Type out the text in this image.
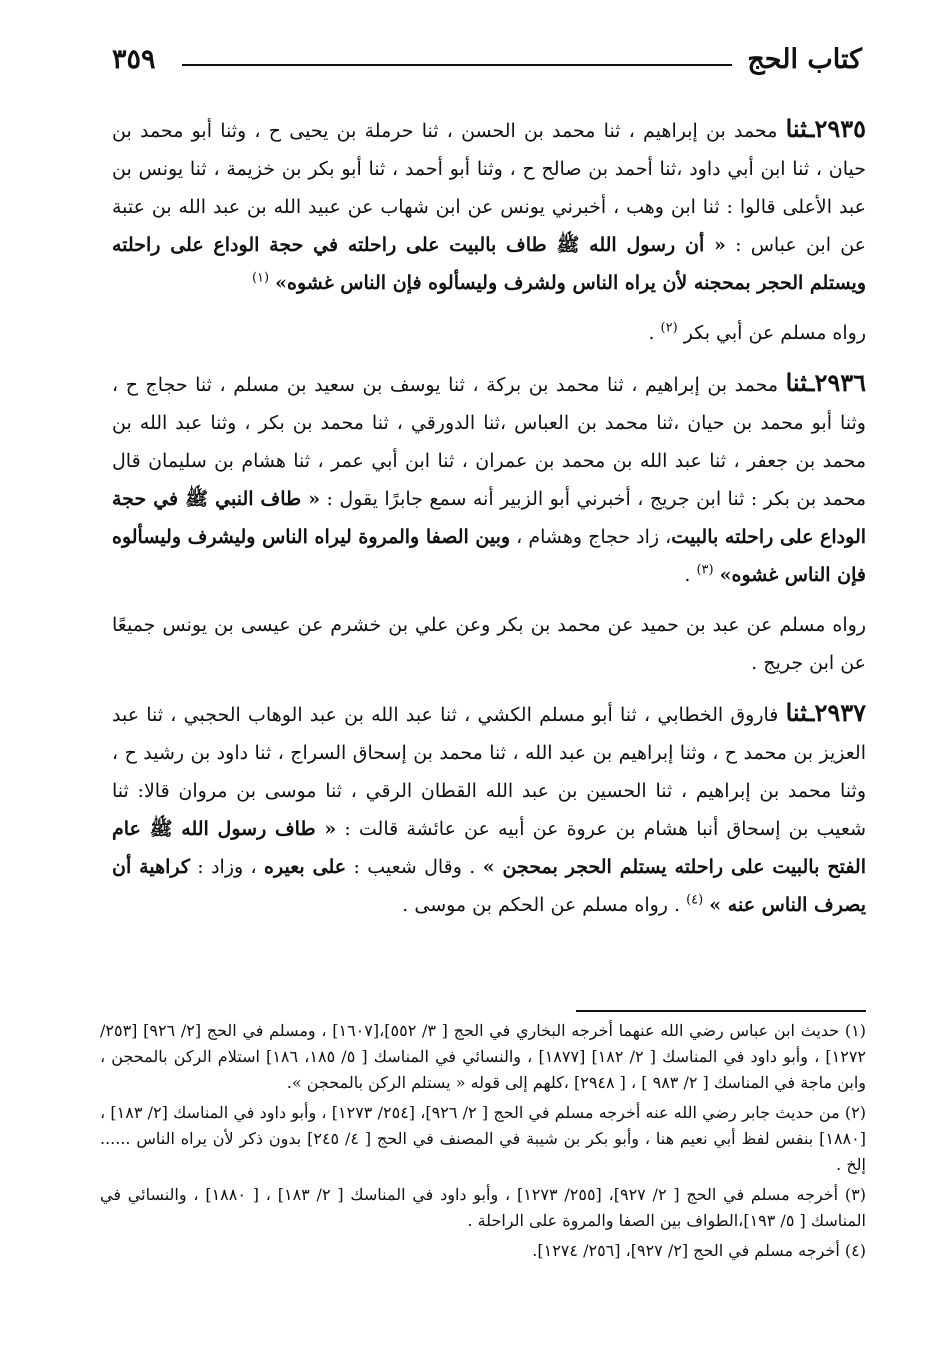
كتاب الحج
٣٥٩

٢٩٣٥ـثنا محمد بن إبراهيم ، ثنا محمد بن الحسن ، ثنا حرملة بن يحيى ح ، وثنا أبو محمد بن حيان ، ثنا ابن أبي داود ،ثنا أحمد بن صالح ح ، وثنا أبو أحمد ، ثنا أبو بكر بن خزيمة ، ثنا يونس بن عبد الأعلى قالوا : ثنا ابن وهب ، أخبرني يونس عن ابن شهاب عن عبيد الله بن عبد الله بن عتبة عن ابن عباس : « أن رسول الله ﷺ طاف بالبيت على راحلته في حجة الوداع على راحلته ويستلم الحجر بمحجنه لأن يراه الناس ولشرف وليسألوه فإن الناس غشوه» $^{(١)}$

رواه مسلم عن أبي بكر $^{(٢)}$ .

٢٩٣٦ـثنا محمد بن إبراهيم ، ثنا محمد بن بركة ، ثنا يوسف بن سعيد بن مسلم ، ثنا حجاج ح ، وثنا أبو محمد بن حيان ،ثنا محمد بن العباس ،ثنا الدورقي ، ثنا محمد بن بكر ، وثنا عبد الله بن محمد بن جعفر ، ثنا عبد الله بن محمد بن عمران ، ثنا ابن أبي عمر ، ثنا هشام بن سليمان قال محمد بن بكر : ثنا ابن جريج ، أخبرني أبو الزبير أنه سمع جابرًا يقول : « طاف النبي ﷺ في حجة الوداع على راحلته بالبيت، زاد حجاج وهشام ، وبين الصفا والمروة ليراه الناس وليشرف وليسألوه فإن الناس غشوه» $^{(٣)}$ .

رواه مسلم عن عبد بن حميد عن محمد بن بكر وعن علي بن خشرم عن عيسى بن يونس جميعًا عن ابن جريج .

٢٩٣٧ـثنا فاروق الخطابي ، ثنا أبو مسلم الكشي ، ثنا عبد الله بن عبد الوهاب الحجبي ، ثنا عبد العزيز بن محمد ح ، وثنا إبراهيم بن عبد الله ، ثنا محمد بن إسحاق السراج ، ثنا داود بن رشيد ح ، وثنا محمد بن إبراهيم ، ثنا الحسين بن عبد الله القطان الرقي ، ثنا موسى بن مروان قالا: ثنا شعيب بن إسحاق أنبا هشام بن عروة عن أبيه عن عائشة قالت : « طاف رسول الله ﷺ عام الفتح بالبيت على راحلته يستلم الحجر بمحجن » . وقال شعيب : على بعيره ، وزاد : كراهية أن يصرف الناس عنه » $^{(٤)}$ . رواه مسلم عن الحكم بن موسى .

(١) حديث ابن عباس رضي الله عنهما أخرجه البخاري في الحج [ ٣/ ٥٥٢]،[١٦٠٧] ، ومسلم في الحج [٢/ ٩٢٦] [٢٥٣/ ١٢٧٢] ، وأبو داود في المناسك [ ٢/ ١٨٢] [١٨٧٧] ، والنسائي في المناسك [ ٥/ ١٨٥، ١٨٦] استلام الركن بالمحجن ، وابن ماجة في المناسك [ ٢/ ٩٨٣ ] ، [ ٢٩٤٨] ،كلهم إلى قوله « يستلم الركن بالمحجن ».

(٢) من حديث جابر رضي الله عنه أخرجه مسلم في الحج [ ٢/ ٩٢٦]، [٢٥٤/ ١٢٧٣] ، وأبو داود في المناسك [٢/ ١٨٣] ، [١٨٨٠] بنفس لفظ أبي نعيم هنا ، وأبو بكر بن شيبة في المصنف في الحج [ ٤/ ٢٤٥] بدون ذكر لأن يراه الناس ...... إلخ .

(٣) أخرجه مسلم في الحج [ ٢/ ٩٢٧]، [٢٥٥/ ١٢٧٣] ، وأبو داود في المناسك [ ٢/ ١٨٣] ، [ ١٨٨٠] ، والنسائي في المناسك [ ٥/ ١٩٣]،الطواف بين الصفا والمروة على الراحلة .

(٤) أخرجه مسلم في الحج [٢/ ٩٢٧]، [٢٥٦/ ١٢٧٤].
